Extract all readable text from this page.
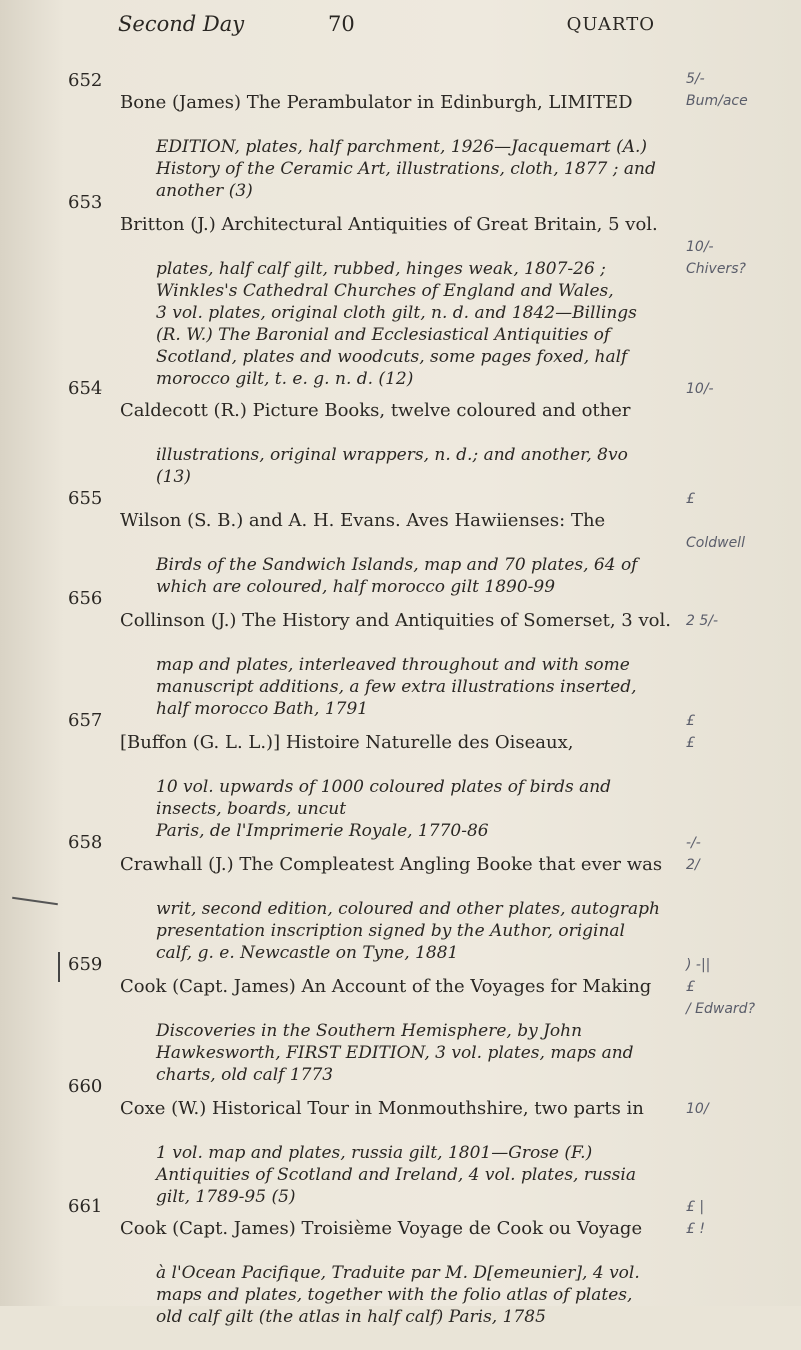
Second Day	70	QUARTO
652

Bone (James) The Perambulator in Edinburgh, LIMITED

EDITION, plates, half parchment, 1926—Jacquemart (A.)
History of the Ceramic Art, illustrations, cloth, 1877 ; and
another (3)

5/-
Bum/ace
653

Britton (J.) Architectural Antiquities of Great Britain, 5 vol.

plates, half calf gilt, rubbed, hinges weak, 1807-26 ;
Winkles's Cathedral Churches of England and Wales,
3 vol. plates, original cloth gilt, n. d. and 1842—Billings
(R. W.) The Baronial and Ecclesiastical Antiquities of
Scotland, plates and woodcuts, some pages foxed, half
morocco gilt, t. e. g. n. d. (12)

10/-
Chivers?
654

Caldecott (R.) Picture Books, twelve coloured and other

illustrations, original wrappers, n. d.; and another, 8vo
(13)

10/-
655

Wilson (S. B.) and A. H. Evans. Aves Hawiienses: The

Birds of the Sandwich Islands, map and 70 plates, 64 of
which are coloured, half morocco gilt 1890-99

£

Coldwell
656

Collinson (J.) The History and Antiquities of Somerset, 3 vol.

map and plates, interleaved throughout and with some
manuscript additions, a few extra illustrations inserted,
half morocco Bath, 1791

2 5/-
657

[Buffon (G. L. L.)] Histoire Naturelle des Oiseaux,

10 vol. upwards of 1000 coloured plates of birds and
insects, boards, uncut
Paris, de l'Imprimerie Royale, 1770-86

£
£
658

Crawhall (J.) The Compleatest Angling Booke that ever was

writ, second edition, coloured and other plates, autograph
presentation inscription signed by the Author, original
calf, g. e. Newcastle on Tyne, 1881

-/-
2/
659

Cook (Capt. James) An Account of the Voyages for Making

Discoveries in the Southern Hemisphere, by John
Hawkesworth, FIRST EDITION, 3 vol. plates, maps and
charts, old calf 1773

) -||
£
/ Edward?
660

Coxe (W.) Historical Tour in Monmouthshire, two parts in

1 vol. map and plates, russia gilt, 1801—Grose (F.)
Antiquities of Scotland and Ireland, 4 vol. plates, russia
gilt, 1789-95 (5)

10/
661

Cook (Capt. James) Troisième Voyage de Cook ou Voyage

à l'Ocean Pacifique, Traduite par M. D[emeunier], 4 vol.
maps and plates, together with the folio atlas of plates,
old calf gilt (the atlas in half calf) Paris, 1785

£ |
£ !
